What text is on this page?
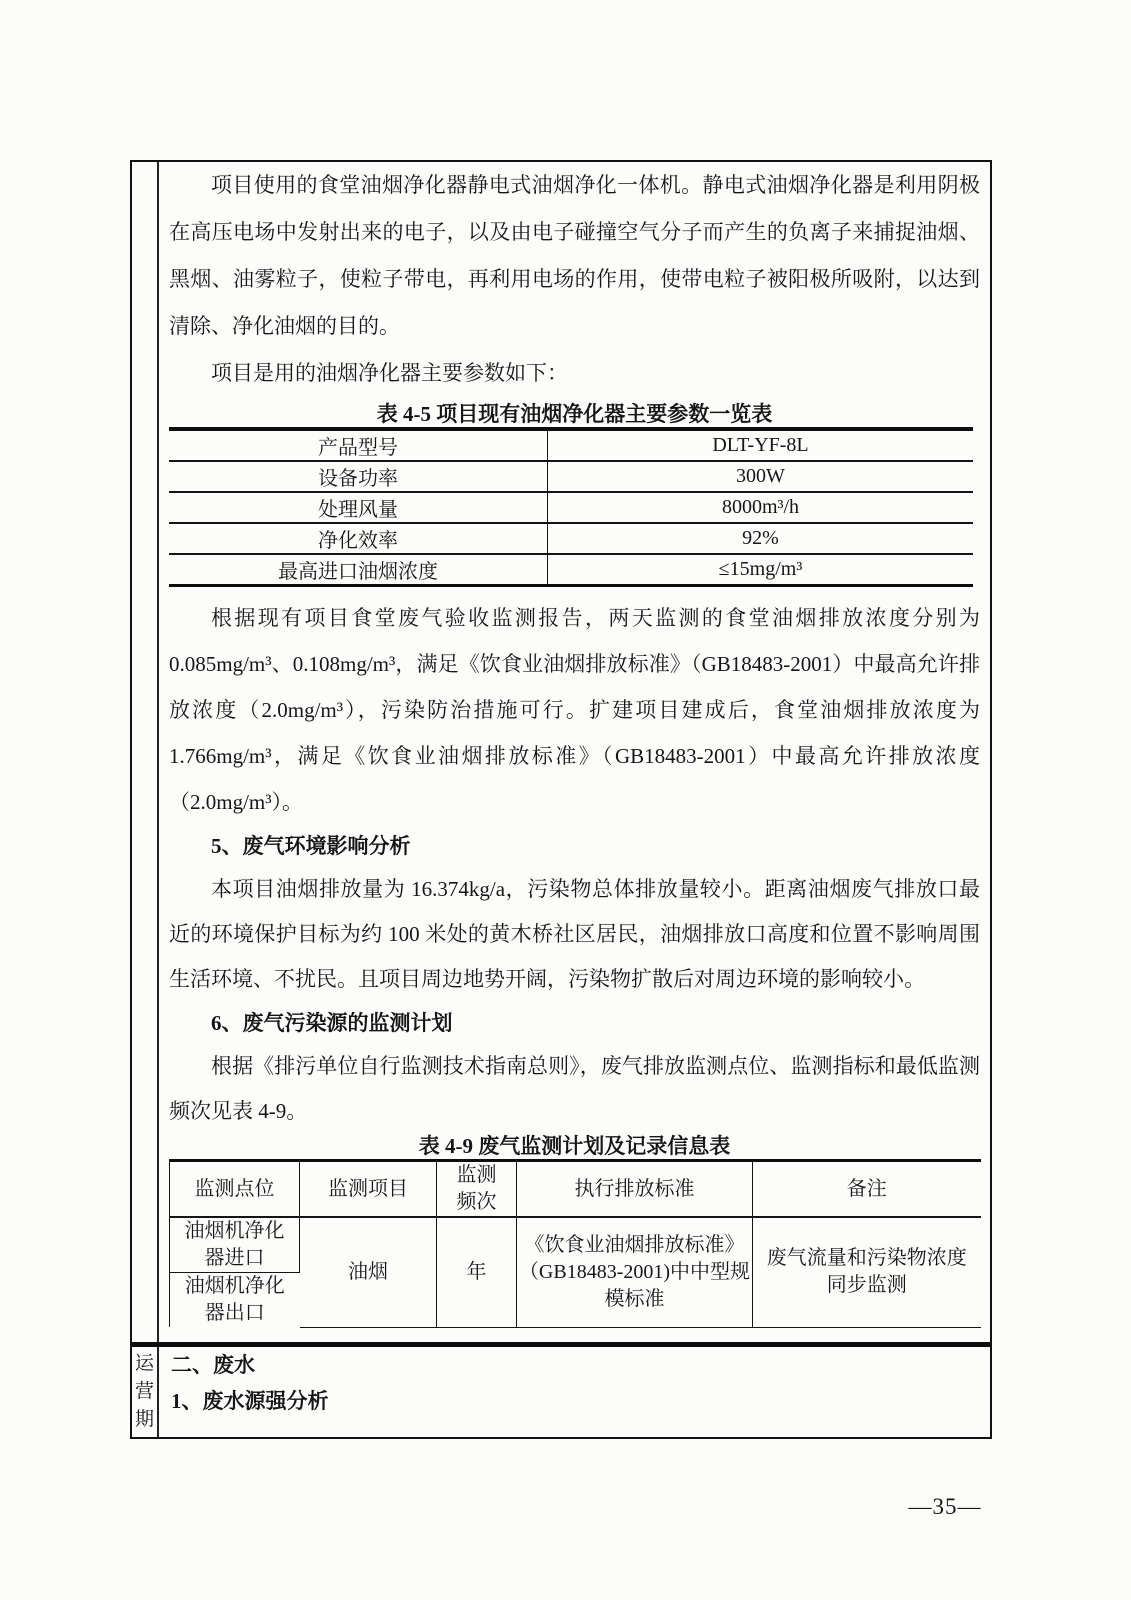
项目使用的食堂油烟净化器静电式油烟净化一体机。静电式油烟净化器是利用阴极在高压电场中发射出来的电子，以及由电子碰撞空气分子而产生的负离子来捕捉油烟、黑烟、油雾粒子，使粒子带电，再利用电场的作用，使带电粒子被阳极所吸附，以达到清除、净化油烟的目的。

项目是用的油烟净化器主要参数如下：

表 4-5 项目现有油烟净化器主要参数一览表
产品型号	DLT-YF-8L
设备功率	300W
处理风量	8000m³/h
净化效率	92%
最高进口油烟浓度	≤15mg/m³

根据现有项目食堂废气验收监测报告，两天监测的食堂油烟排放浓度分别为0.085mg/m³、0.108mg/m³，满足《饮食业油烟排放标准》（GB18483-2001）中最高允许排放浓度（2.0mg/m³），污染防治措施可行。扩建项目建成后，食堂油烟排放浓度为 1.766mg/m³，满足《饮食业油烟排放标准》（GB18483-2001）中最高允许排放浓度（2.0mg/m³）。

5、废气环境影响分析

本项目油烟排放量为 16.374kg/a，污染物总体排放量较小。距离油烟废气排放口最近的环境保护目标为约 100 米处的黄木桥社区居民，油烟排放口高度和位置不影响周围生活环境、不扰民。且项目周边地势开阔，污染物扩散后对周边环境的影响较小。

6、废气污染源的监测计划

根据《排污单位自行监测技术指南总则》，废气排放监测点位、监测指标和最低监测频次见表 4-9。

表 4-9 废气监测计划及记录信息表
监测点位	监测项目	监测频次	执行排放标准	备注
油烟机净化器进口	油烟	年	《饮食业油烟排放标准》（GB18483-2001)中中型规模标准	废气流量和污染物浓度同步监测
油烟机净化器出口				
运营期

二、废水

1、废水源强分析

—35—
